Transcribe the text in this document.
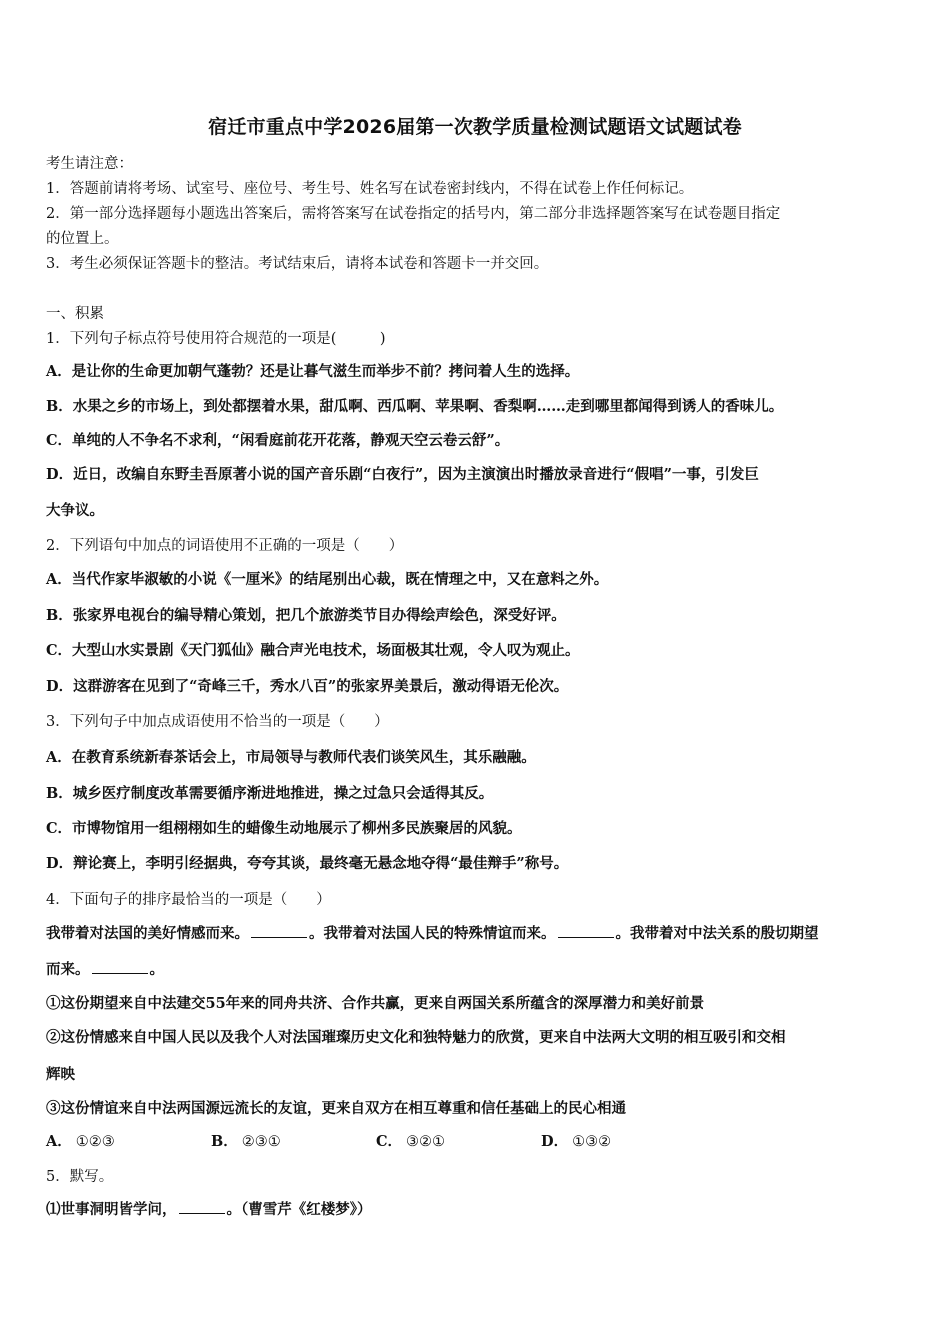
宿迁市重点中学2026届第一次教学质量检测试题语文试题试卷
考生请注意：
1．答题前请将考场、试室号、座位号、考生号、姓名写在试卷密封线内，不得在试卷上作任何标记。
2．第一部分选择题每小题选出答案后，需将答案写在试卷指定的括号内，第二部分非选择题答案写在试卷题目指定
的位置上。
3．考生必须保证答题卡的整洁。考试结束后，请将本试卷和答题卡一并交回。
一、积累
1．下列句子标点符号使用符合规范的一项是(　　　)
A．是让你的生命更加朝气蓬勃？还是让暮气滋生而举步不前？拷问着人生的选择。
B．水果之乡的市场上，到处都摆着水果，甜瓜啊、西瓜啊、苹果啊、香梨啊……走到哪里都闻得到诱人的香味儿。
C．单纯的人不争名不求利，“闲看庭前花开花落，静观天空云卷云舒”。
D．近日，改编自东野圭吾原著小说的国产音乐剧“白夜行”，因为主演演出时播放录音进行“假唱”一事，引发巨
大争议。
2．下列语句中加点的词语使用不正确的一项是（　　）
A．当代作家毕淑敏的小说《一厘米》的结尾别出心裁，既在情理之中，又在意料之外。
B．张家界电视台的编导精心策划，把几个旅游类节目办得绘声绘色，深受好评。
C．大型山水实景剧《天门狐仙》融合声光电技术，场面极其壮观，令人叹为观止。
D．这群游客在见到了“奇峰三千，秀水八百”的张家界美景后，激动得语无伦次。
3．下列句子中加点成语使用不恰当的一项是（　　）
A．在教育系统新春茶话会上，市局领导与教师代表们谈笑风生，其乐融融。
B．城乡医疗制度改革需要循序渐进地推进，操之过急只会适得其反。
C．市博物馆用一组栩栩如生的蜡像生动地展示了柳州多民族聚居的风貌。
D．辩论赛上，李明引经据典，夸夸其谈，最终毫无悬念地夺得“最佳辩手”称号。
4．下面句子的排序最恰当的一项是（　　）
我带着对法国的美好情感而来。	。我带着对法国人民的特殊情谊而来。	。我带着对中法关系的殷切期望
而来。	。
①这份期望来自中法建交55年来的同舟共济、合作共赢，更来自两国关系所蕴含的深厚潜力和美好前景
②这份情感来自中国人民以及我个人对法国璀璨历史文化和独特魅力的欣赏，更来自中法两大文明的相互吸引和交相
辉映
③这份情谊来自中法两国源远流长的友谊，更来自双方在相互尊重和信任基础上的民心相通
A． ①②③	B． ②③①	C． ③②①	D． ①③②
5．默写。
⑴世事洞明皆学问，	。（曹雪芹《红楼梦》）
